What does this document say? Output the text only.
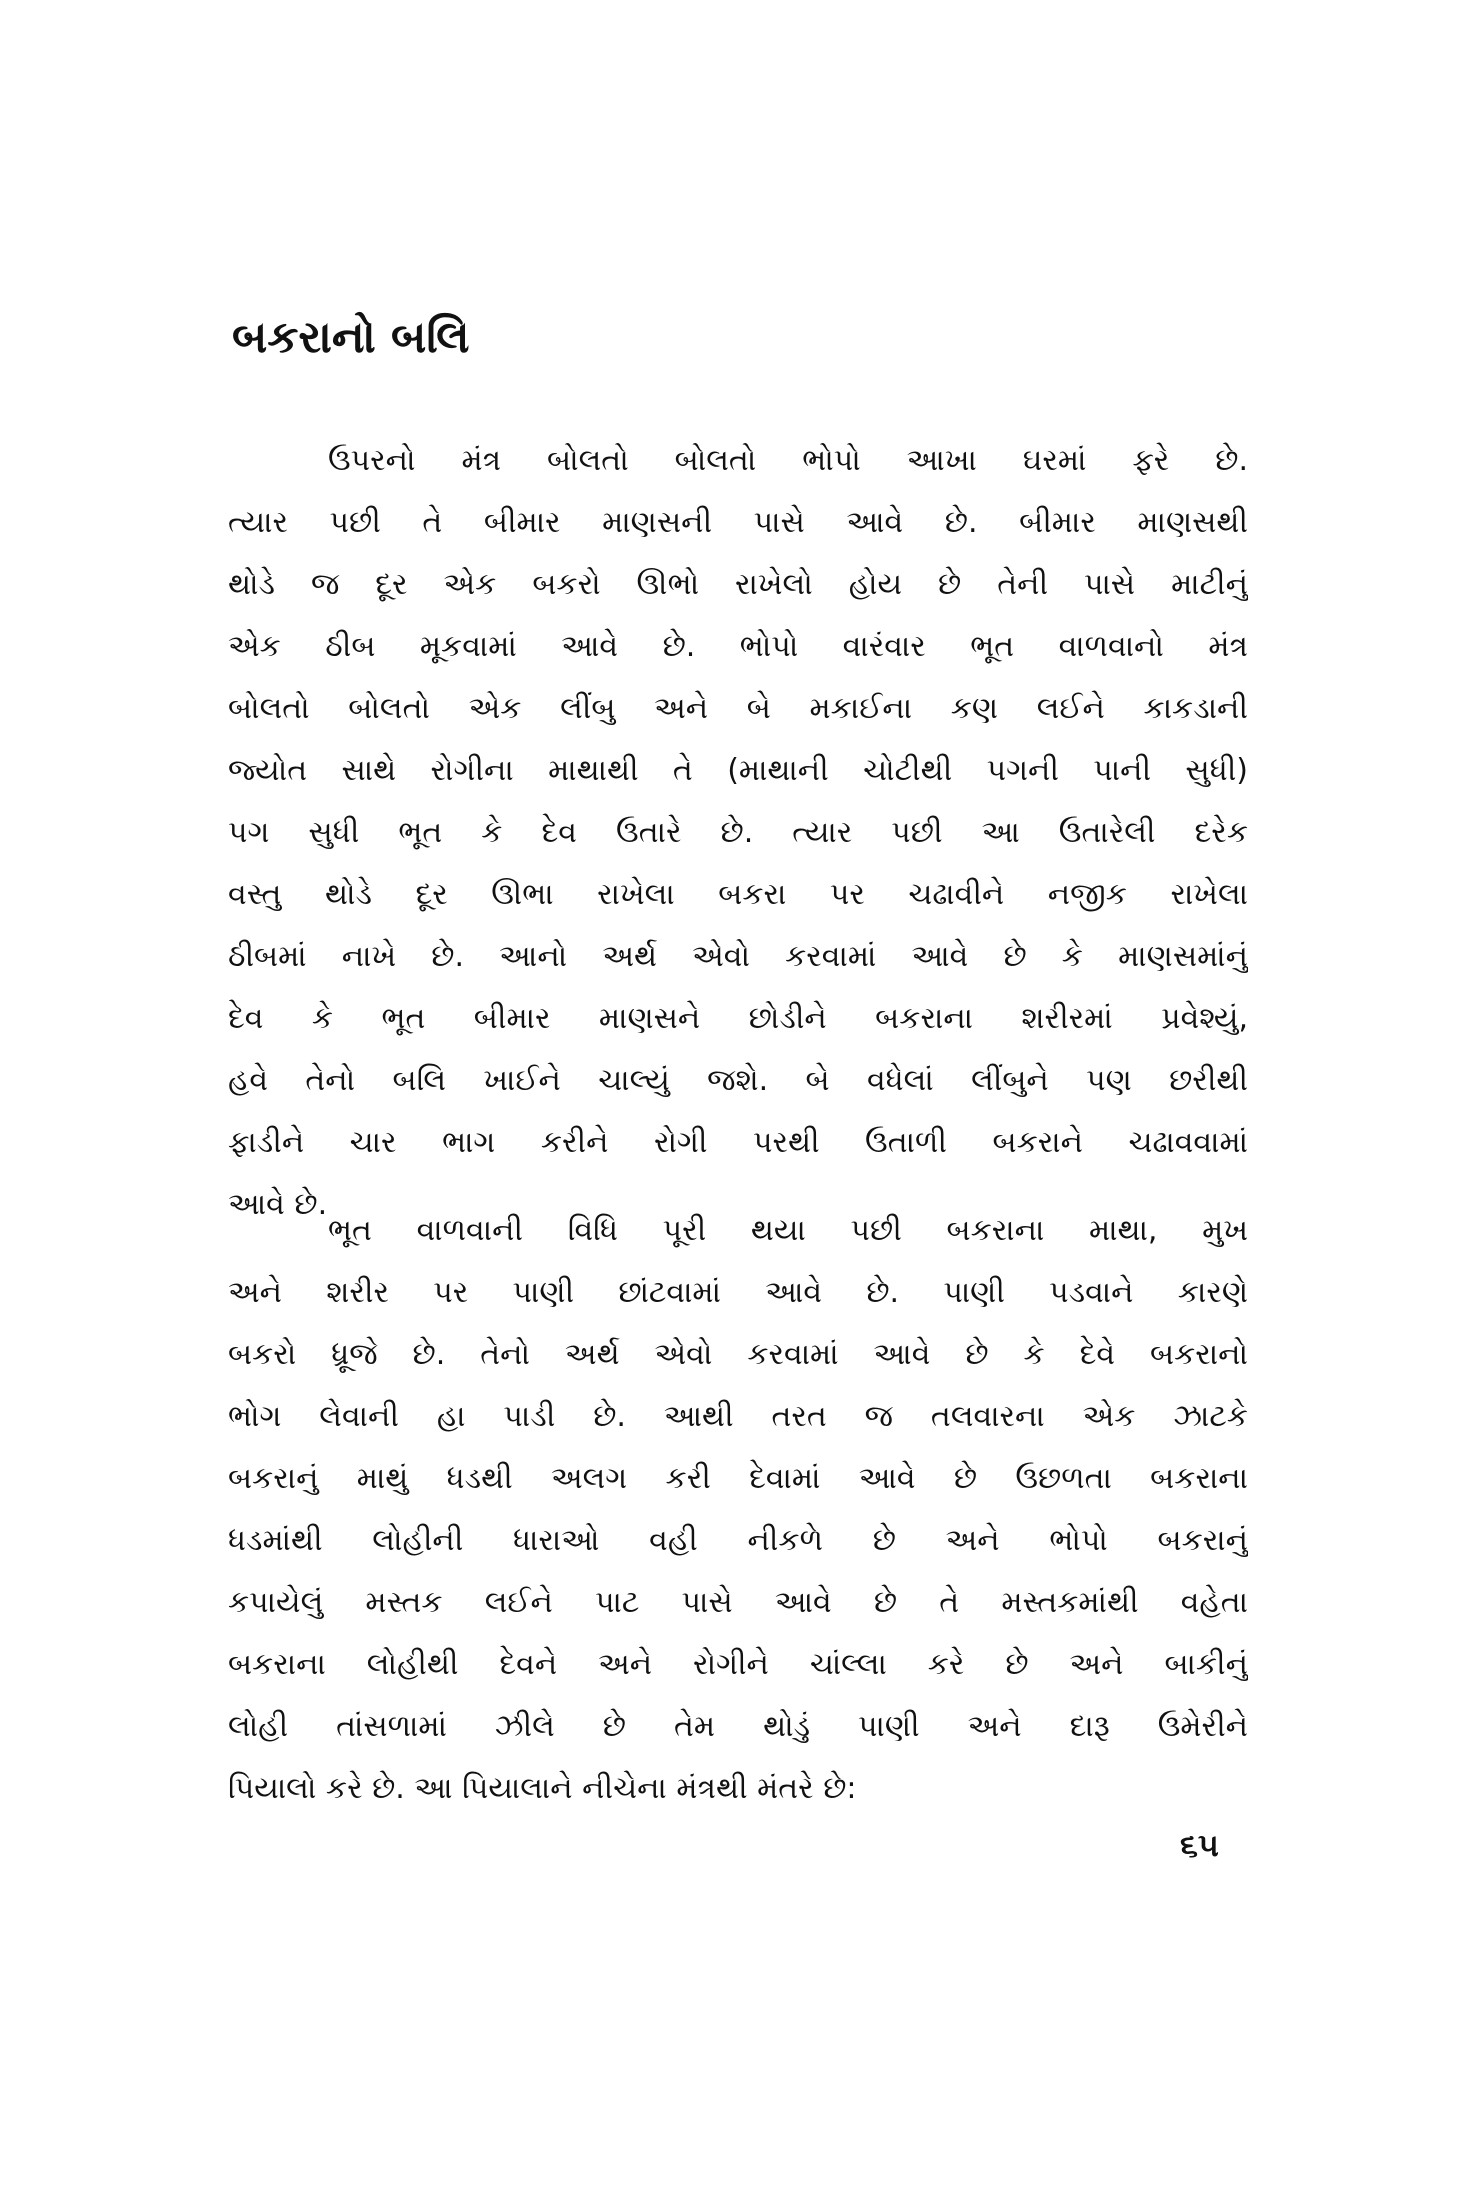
બકરાનો બલિ
ઉપરનો મંત્ર બોલતો બોલતો ભોપો આખા ઘરમાં ફરે છે.
ત્યાર પછી તે બીમાર માણસની પાસે આવે છે. બીમાર માણસથી
થોડે જ દૂર એક બકરો ઊભો રાખેલો હોય છે તેની પાસે માટીનું
એક ઠીબ મૂકવામાં આવે છે. ભોપો વારંવાર ભૂત વાળવાનો મંત્ર
બોલતો બોલતો એક લીંબુ અને બે મકાઈના કણ લઈને કાકડાની
જ્યોત સાથે રોગીના માથાથી તે (માથાની ચોટીથી પગની પાની સુધી)
પગ સુધી ભૂત કે દેવ ઉતારે છે. ત્યાર પછી આ ઉતારેલી દરેક
વસ્તુ થોડે દૂર ઊભા રાખેલા બકરા પર ચઢાવીને નજીક રાખેલા
ઠીબમાં નાખે છે. આનો અર્થ એવો કરવામાં આવે છે કે માણસમાંનું
દેવ કે ભૂત બીમાર માણસને છોડીને બકરાના શરીરમાં પ્રવેશ્યું,
હવે તેનો બલિ ખાઈને ચાલ્યું જશે. બે વધેલાં લીંબુને પણ છરીથી
ફાડીને ચાર ભાગ કરીને રોગી પરથી ઉતાળી બકરાને ચઢાવવામાં
આવે છે.
ભૂત વાળવાની વિધિ પૂરી થયા પછી બકરાના માથા, મુખ
અને શરીર પર પાણી છાંટવામાં આવે છે. પાણી પડવાને કારણે
બકરો ધ્રૂજે છે. તેનો અર્થ એવો કરવામાં આવે છે કે દેવે બકરાનો
ભોગ લેવાની હા પાડી છે. આથી તરત જ તલવારના એક ઝાટકે
બકરાનું માથું ધડથી અલગ કરી દેવામાં આવે છે ઉછળતા બકરાના
ધડમાંથી લોહીની ધારાઓ વહી નીકળે છે અને ભોપો બકરાનું
કપાયેલું મસ્તક લઈને પાટ પાસે આવે છે તે મસ્તકમાંથી વહેતા
બકરાના લોહીથી દેવને અને રોગીને ચાંલ્લા કરે છે અને બાકીનું
લોહી તાંસળામાં ઝીલે છે તેમ થોડું પાણી અને દારૂ ઉમેરીને
પિયાલો કરે છે. આ પિયાલાને નીચેના મંત્રથી મંતરે છે:
૬૫
